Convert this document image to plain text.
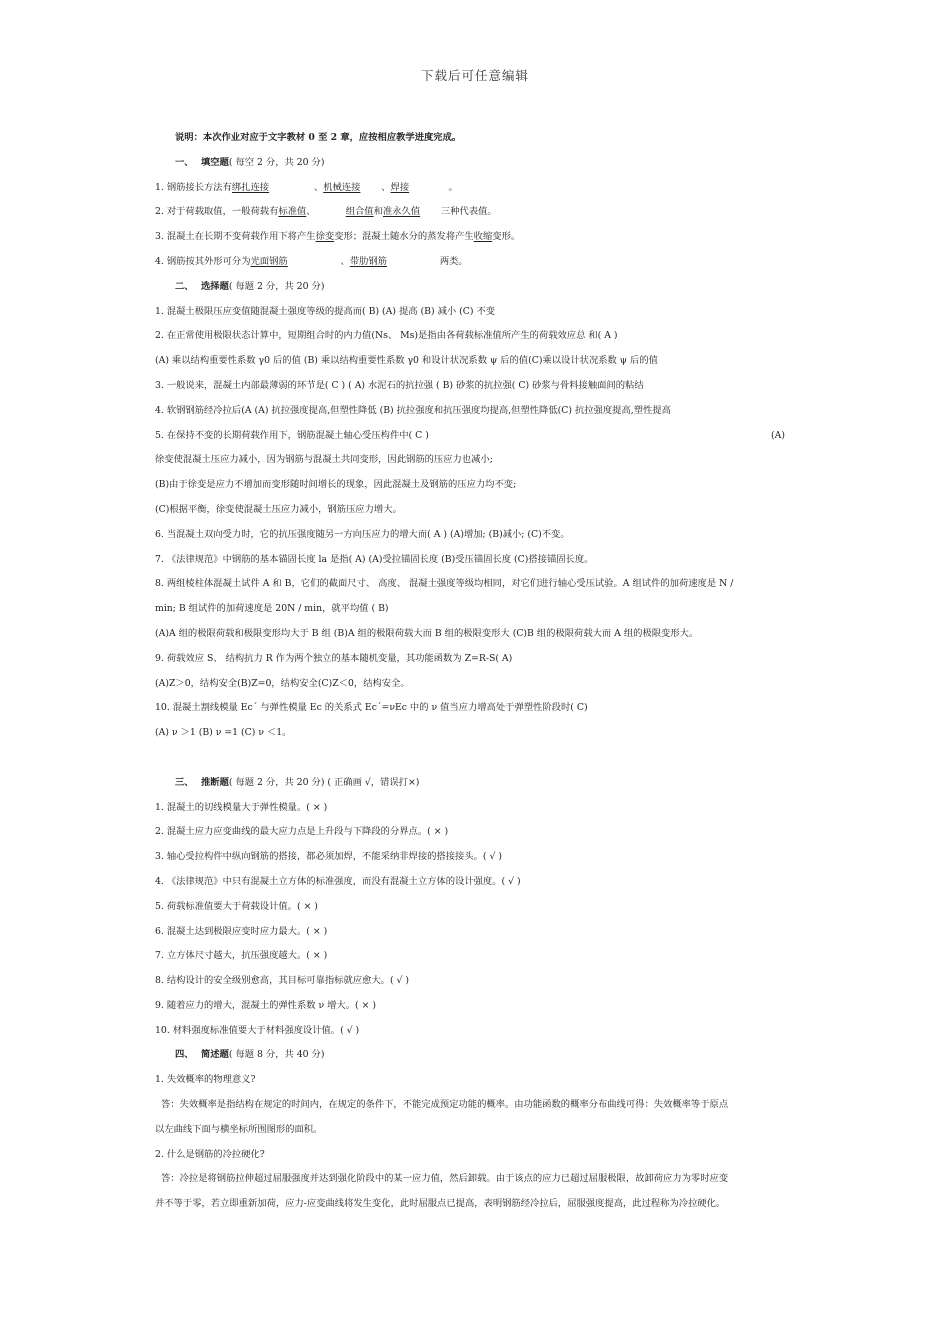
下载后可任意编辑
说明：本次作业对应于文字教材 0 至 2 章，应按相应教学进度完成。
一、 填空题( 每空 2 分，共 20 分)
1. 钢筋接长方法有绑扎连接	、机械连接 、焊接	。
2. 对于荷载取值，一般荷载有标准值、	组合值和准永久值 三种代表值。
3. 混凝土在长期不变荷载作用下将产生徐变变形；混凝土随水分的蒸发将产生收缩变形。
4. 钢筋按其外形可分为光面钢筋	、带肋钢筋	两类。
二、 选择题( 每题 2 分，共 20 分)
1. 混凝土极限压应变值随混凝土强度等级的提高而( B) (A) 提高 (B) 减小 (C) 不变
2. 在正常使用极限状态计算中，短期组合时的内力值(Ns、 Ms)是指由各荷载标准值所产生的荷载效应总 和( A )
(A) 乘以结构重要性系数 γ0 后的值 (B) 乘以结构重要性系数 γ0 和设计状况系数 ψ 后的值(C)乘以设计状况系数 ψ 后的值
3. 一般说来，混凝土内部最薄弱的环节是( C ) ( A) 水泥石的抗拉强 ( B) 砂浆的抗拉强( C) 砂浆与骨料接触面间的粘结
4. 软钢钢筋经冷拉后(A (A) 抗拉强度提高,但塑性降低 (B) 抗拉强度和抗压强度均提高,但塑性降低(C) 抗拉强度提高,塑性提高
5. 在保持不变的长期荷载作用下，钢筋混凝土轴心受压构件中( C )	(A)
徐变使混凝土压应力减小，因为钢筋与混凝土共同变形，因此钢筋的压应力也减小;
(B)由于徐变是应力不增加而变形随时间增长的现象，因此混凝土及钢筋的压应力均不变;
(C)根据平衡，徐变使混凝土压应力减小，钢筋压应力增大。
6. 当混凝土双向受力时，它的抗压强度随另一方向压应力的增大而( A ) (A)增加; (B)减小; (C)不变。
7. 《法律规范》中钢筋的基本锚固长度 la 是指( A) (A)受拉锚固长度 (B)受压锚固长度 (C)搭接锚固长度。
8. 两组棱柱体混凝土试件 A 和 B，它们的截面尺寸、 高度、 混凝土强度等级均相同，对它们进行轴心受压试验。A 组试件的加荷速度是 N /
min; B 组试件的加荷速度是 20N / min，就平均值 ( B)
(A)A 组的极限荷载和极限变形均大于 B 组 (B)A 组的极限荷载大而 B 组的极限变形大 (C)B 组的极限荷载大而 A 组的极限变形大。
9. 荷载效应 S、 结构抗力 R 作为两个独立的基本随机变量，其功能函数为 Z=R-S( A)
(A)Z＞0，结构安全(B)Z=0，结构安全(C)Z＜0，结构安全。
10. 混凝土割线模量 Ec´ 与弹性模量 Ec 的关系式 Ec´=νEc 中的 ν 值当应力增高处于弹塑性阶段时( C)
(A) ν ＞1 (B) ν =1 (C) ν ＜1。
三、 推断题( 每题 2 分，共 20 分) ( 正确画 √，错误打×)
1. 混凝土的切线模量大于弹性模量。( × )
2. 混凝土应力应变曲线的最大应力点是上升段与下降段的分界点。( × )
3. 轴心受拉构件中纵向钢筋的搭接，都必须加焊，不能采纳非焊接的搭接接头。( √ )
4. 《法律规范》中只有混凝土立方体的标准强度，而没有混凝土立方体的设计强度。( √ )
5. 荷载标准值要大于荷载设计值。( × )
6. 混凝土达到极限应变时应力最大。( × )
7. 立方体尺寸越大，抗压强度越大。( × )
8. 结构设计的安全级别愈高，其目标可靠指标就应愈大。( √ )
9. 随着应力的增大，混凝土的弹性系数 ν 增大。( × )
10. 材料强度标准值要大于材料强度设计值。( √ )
四、 简述题( 每题 8 分，共 40 分)
1. 失效概率的物理意义?
答：失效概率是指结构在规定的时间内，在规定的条件下，不能完成预定功能的概率。由功能函数的概率分布曲线可得：失效概率等于原点
以左曲线下面与横坐标所围图形的面积。
2. 什么是钢筋的冷拉硬化?
答：冷拉是将钢筋拉伸超过屈服强度并达到强化阶段中的某一应力值，然后卸载。由于该点的应力已超过屈服极限，故卸荷应力为零时应变
并不等于零，若立即重新加荷，应力-应变曲线将发生变化，此时屈服点已提高，表明钢筋经冷拉后，屈服强度提高，此过程称为冷拉硬化。
